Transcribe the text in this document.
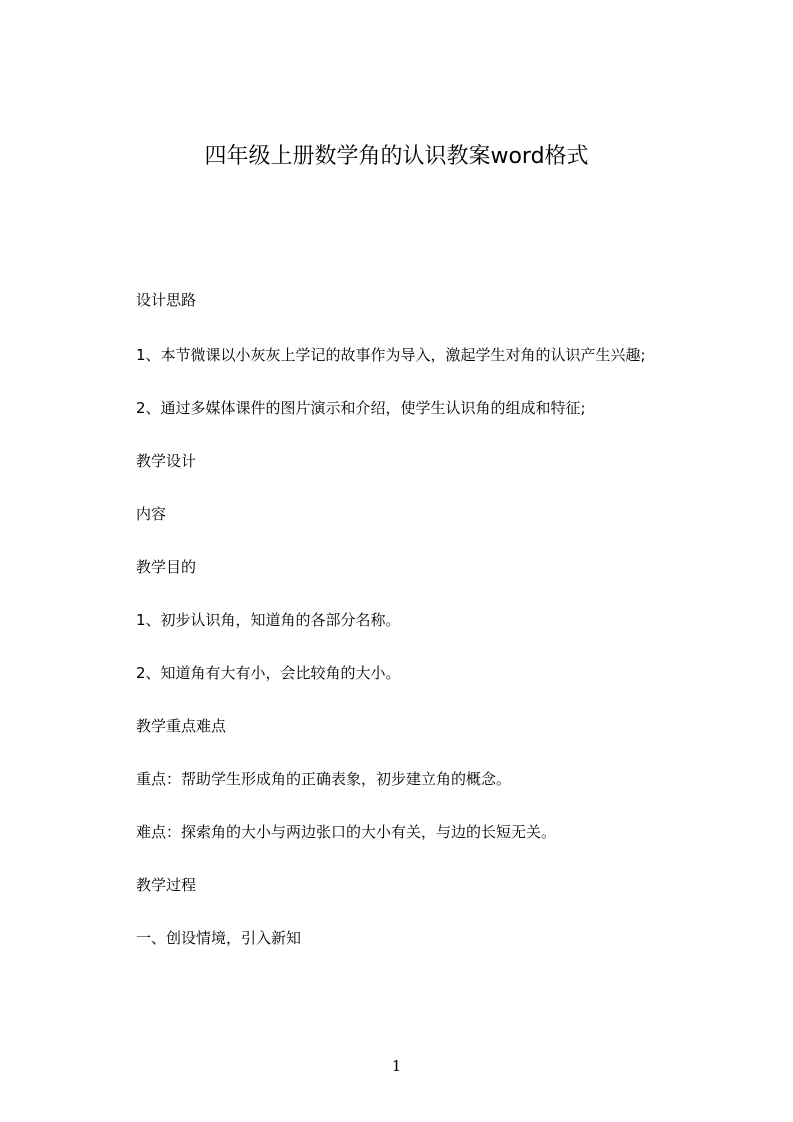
四年级上册数学角的认识教案word格式
设计思路
1、本节微课以小灰灰上学记的故事作为导入，激起学生对角的认识产生兴趣;
2、通过多媒体课件的图片演示和介绍，使学生认识角的组成和特征;
教学设计
内容
教学目的
1、初步认识角，知道角的各部分名称。
2、知道角有大有小，会比较角的大小。
教学重点难点
重点：帮助学生形成角的正确表象，初步建立角的概念。
难点：探索角的大小与两边张口的大小有关，与边的长短无关。
教学过程
一、创设情境，引入新知
1
